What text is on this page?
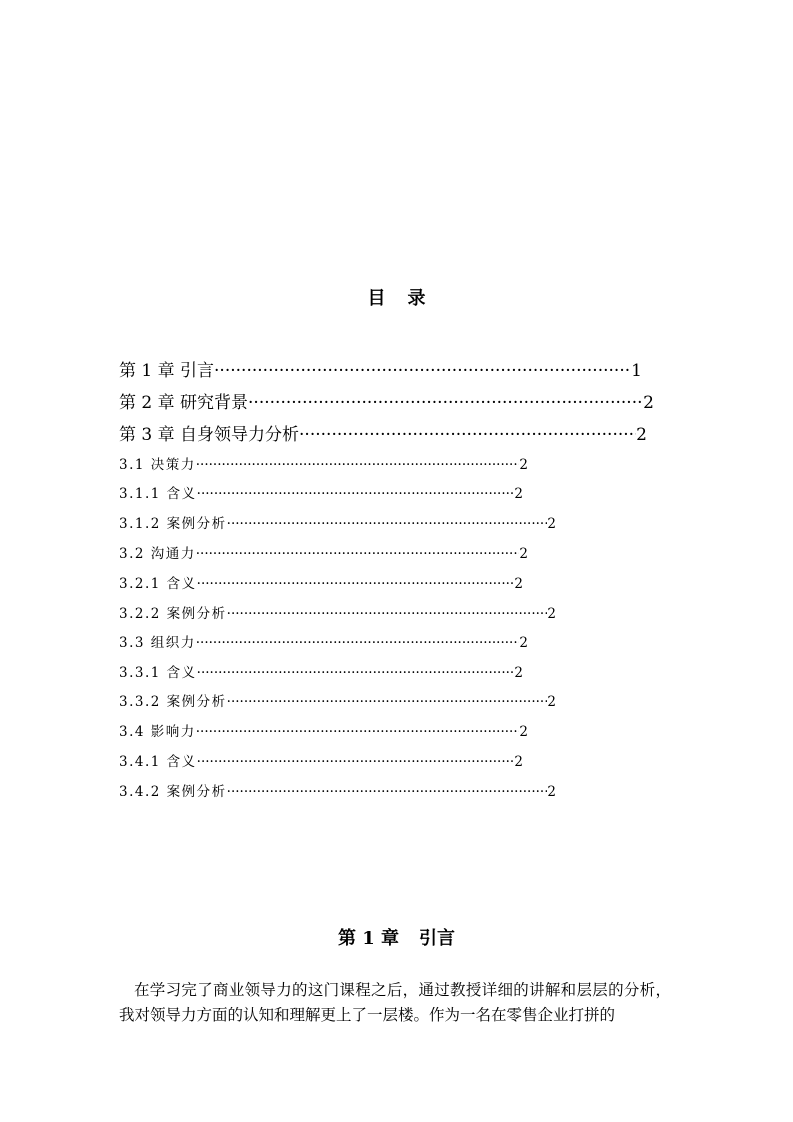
目 录
第 1 章 引言 ·····	1
第 2 章 研究背景 ·····	2
第 3 章 自身领导力分析 ·····	2
3.1 决策力 ·····	2
3.1.1 含义 ·····	2
3.1.2 案例分析 ·····	2
3.2 沟通力 ·····	2
3.2.1 含义 ·····	2
3.2.2 案例分析 ·····	2
3.3 组织力 ·····	2
3.3.1 含义 ·····	2
3.3.2 案例分析 ·····	2
3.4 影响力 ·····	2
3.4.1 含义 ·····	2
3.4.2 案例分析 ·····	2
第 1 章 引言

在学习完了商业领导力的这门课程之后，通过教授详细的讲解和层层的分析，我对领导力方面的认知和理解更上了一层楼。作为一名在零售企业打拼的
